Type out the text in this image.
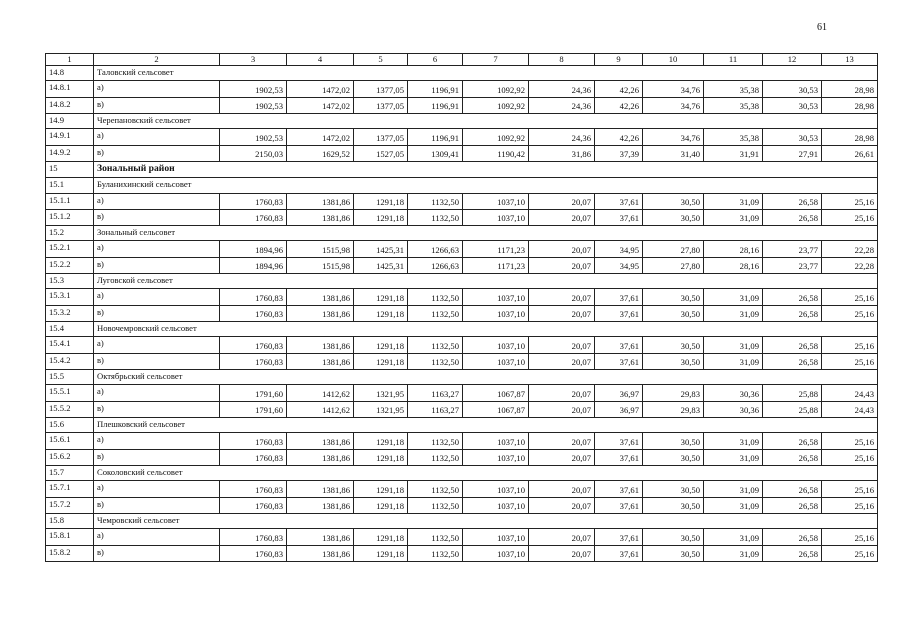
61
1	2	3	4	5	6	7	8	9	10	11	12	13
14.8	Таловский сельсовет											
14.8.1	а)	1902,53	1472,02	1377,05	1196,91	1092,92	24,36	42,26	34,76	35,38	30,53	28,98
14.8.2	в)	1902,53	1472,02	1377,05	1196,91	1092,92	24,36	42,26	34,76	35,38	30,53	28,98
14.9	Черепановский сельсовет											
14.9.1	а)	1902,53	1472,02	1377,05	1196,91	1092,92	24,36	42,26	34,76	35,38	30,53	28,98
14.9.2	в)	2150,03	1629,52	1527,05	1309,41	1190,42	31,86	37,39	31,40	31,91	27,91	26,61
15	Зональный район											
15.1	Буланихинский сельсовет											
15.1.1	а)	1760,83	1381,86	1291,18	1132,50	1037,10	20,07	37,61	30,50	31,09	26,58	25,16
15.1.2	в)	1760,83	1381,86	1291,18	1132,50	1037,10	20,07	37,61	30,50	31,09	26,58	25,16
15.2	Зональный сельсовет											
15.2.1	а)	1894,96	1515,98	1425,31	1266,63	1171,23	20,07	34,95	27,80	28,16	23,77	22,28
15.2.2	в)	1894,96	1515,98	1425,31	1266,63	1171,23	20,07	34,95	27,80	28,16	23,77	22,28
15.3	Луговской сельсовет											
15.3.1	а)	1760,83	1381,86	1291,18	1132,50	1037,10	20,07	37,61	30,50	31,09	26,58	25,16
15.3.2	в)	1760,83	1381,86	1291,18	1132,50	1037,10	20,07	37,61	30,50	31,09	26,58	25,16
15.4	Новочемровский сельсовет											
15.4.1	а)	1760,83	1381,86	1291,18	1132,50	1037,10	20,07	37,61	30,50	31,09	26,58	25,16
15.4.2	в)	1760,83	1381,86	1291,18	1132,50	1037,10	20,07	37,61	30,50	31,09	26,58	25,16
15.5	Октябрьский сельсовет											
15.5.1	а)	1791,60	1412,62	1321,95	1163,27	1067,87	20,07	36,97	29,83	30,36	25,88	24,43
15.5.2	в)	1791,60	1412,62	1321,95	1163,27	1067,87	20,07	36,97	29,83	30,36	25,88	24,43
15.6	Плешковский сельсовет											
15.6.1	а)	1760,83	1381,86	1291,18	1132,50	1037,10	20,07	37,61	30,50	31,09	26,58	25,16
15.6.2	в)	1760,83	1381,86	1291,18	1132,50	1037,10	20,07	37,61	30,50	31,09	26,58	25,16
15.7	Соколовский сельсовет											
15.7.1	а)	1760,83	1381,86	1291,18	1132,50	1037,10	20,07	37,61	30,50	31,09	26,58	25,16
15.7.2	в)	1760,83	1381,86	1291,18	1132,50	1037,10	20,07	37,61	30,50	31,09	26,58	25,16
15.8	Чемровский сельсовет											
15.8.1	а)	1760,83	1381,86	1291,18	1132,50	1037,10	20,07	37,61	30,50	31,09	26,58	25,16
15.8.2	в)	1760,83	1381,86	1291,18	1132,50	1037,10	20,07	37,61	30,50	31,09	26,58	25,16
